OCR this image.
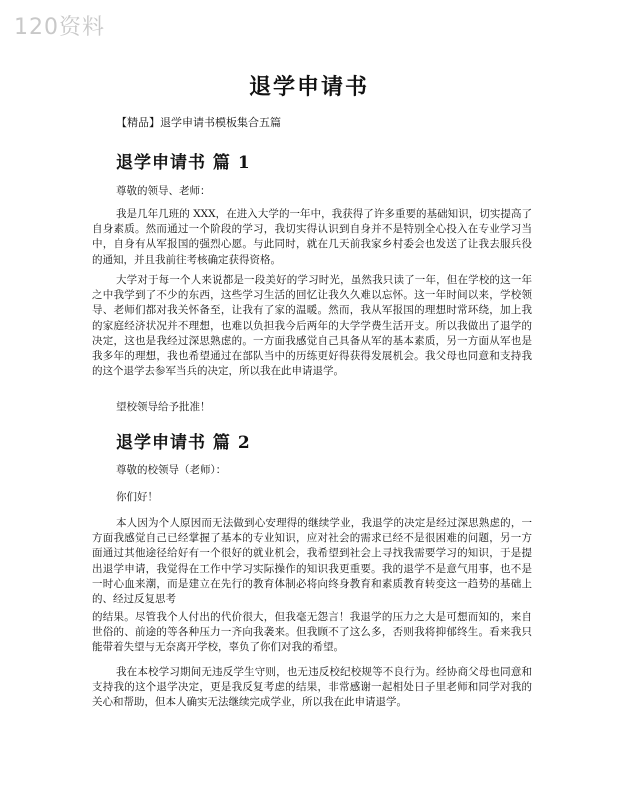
120资料
退学申请书

【精品】退学申请书模板集合五篇

退学申请书 篇 1

尊敬的领导、老师：

我是几年几班的 XXX，在进入大学的一年中，我获得了许多重要的基础知识，切实提高了自身素质。然而通过一个阶段的学习，我切实得认识到自身并不是特别全心投入在专业学习当中，自身有从军报国的强烈心愿。与此同时，就在几天前我家乡村委会也发送了让我去服兵役的通知，并且我前往考核确定获得资格。

大学对于每一个人来说都是一段美好的学习时光，虽然我只读了一年，但在学校的这一年之中我学到了不少的东西，这些学习生活的回忆让我久久难以忘怀。这一年时间以来，学校领导、老师们都对我关怀备至，让我有了家的温暖。然而，我从军报国的理想时常环绕，加上我的家庭经济状况并不理想，也难以负担我今后两年的大学学费生活开支。所以我做出了退学的决定，这也是我经过深思熟虑的。一方面我感觉自己具备从军的基本素质，另一方面从军也是我多年的理想，我也希望通过在部队当中的历练更好得获得发展机会。我父母也同意和支持我的这个退学去参军当兵的决定，所以我在此申请退学。

望校领导给予批准！

退学申请书 篇 2

尊敬的校领导（老师）：

你们好！

本人因为个人原因而无法做到心安理得的继续学业，我退学的决定是经过深思熟虑的，一方面我感觉自己已经掌握了基本的专业知识，应对社会的需求已经不是很困难的问题，另一方面通过其他途径给好有一个很好的就业机会，我希望到社会上寻找我需要学习的知识，于是提出退学申请，我觉得在工作中学习实际操作的知识我更重要。我的退学不是意气用事，也不是一时心血来潮，而是建立在先行的教育体制必将向终身教育和素质教育转变这一趋势的基础上的、经过反复思考

的结果。尽管我个人付出的代价很大，但我毫无怨言！我退学的压力之大是可想而知的，来自世俗的、前途的等各种压力一齐向我袭来。但我顾不了这么多，否则我将抑郁终生。看来我只能带着失望与无奈离开学校，辜负了你们对我的希望。

我在本校学习期间无违反学生守则，也无违反校纪校规等不良行为。经协商父母也同意和支持我的这个退学决定，更是我反复考虑的结果，非常感谢一起相处日子里老师和同学对我的关心和帮助，但本人确实无法继续完成学业，所以我在此申请退学。
